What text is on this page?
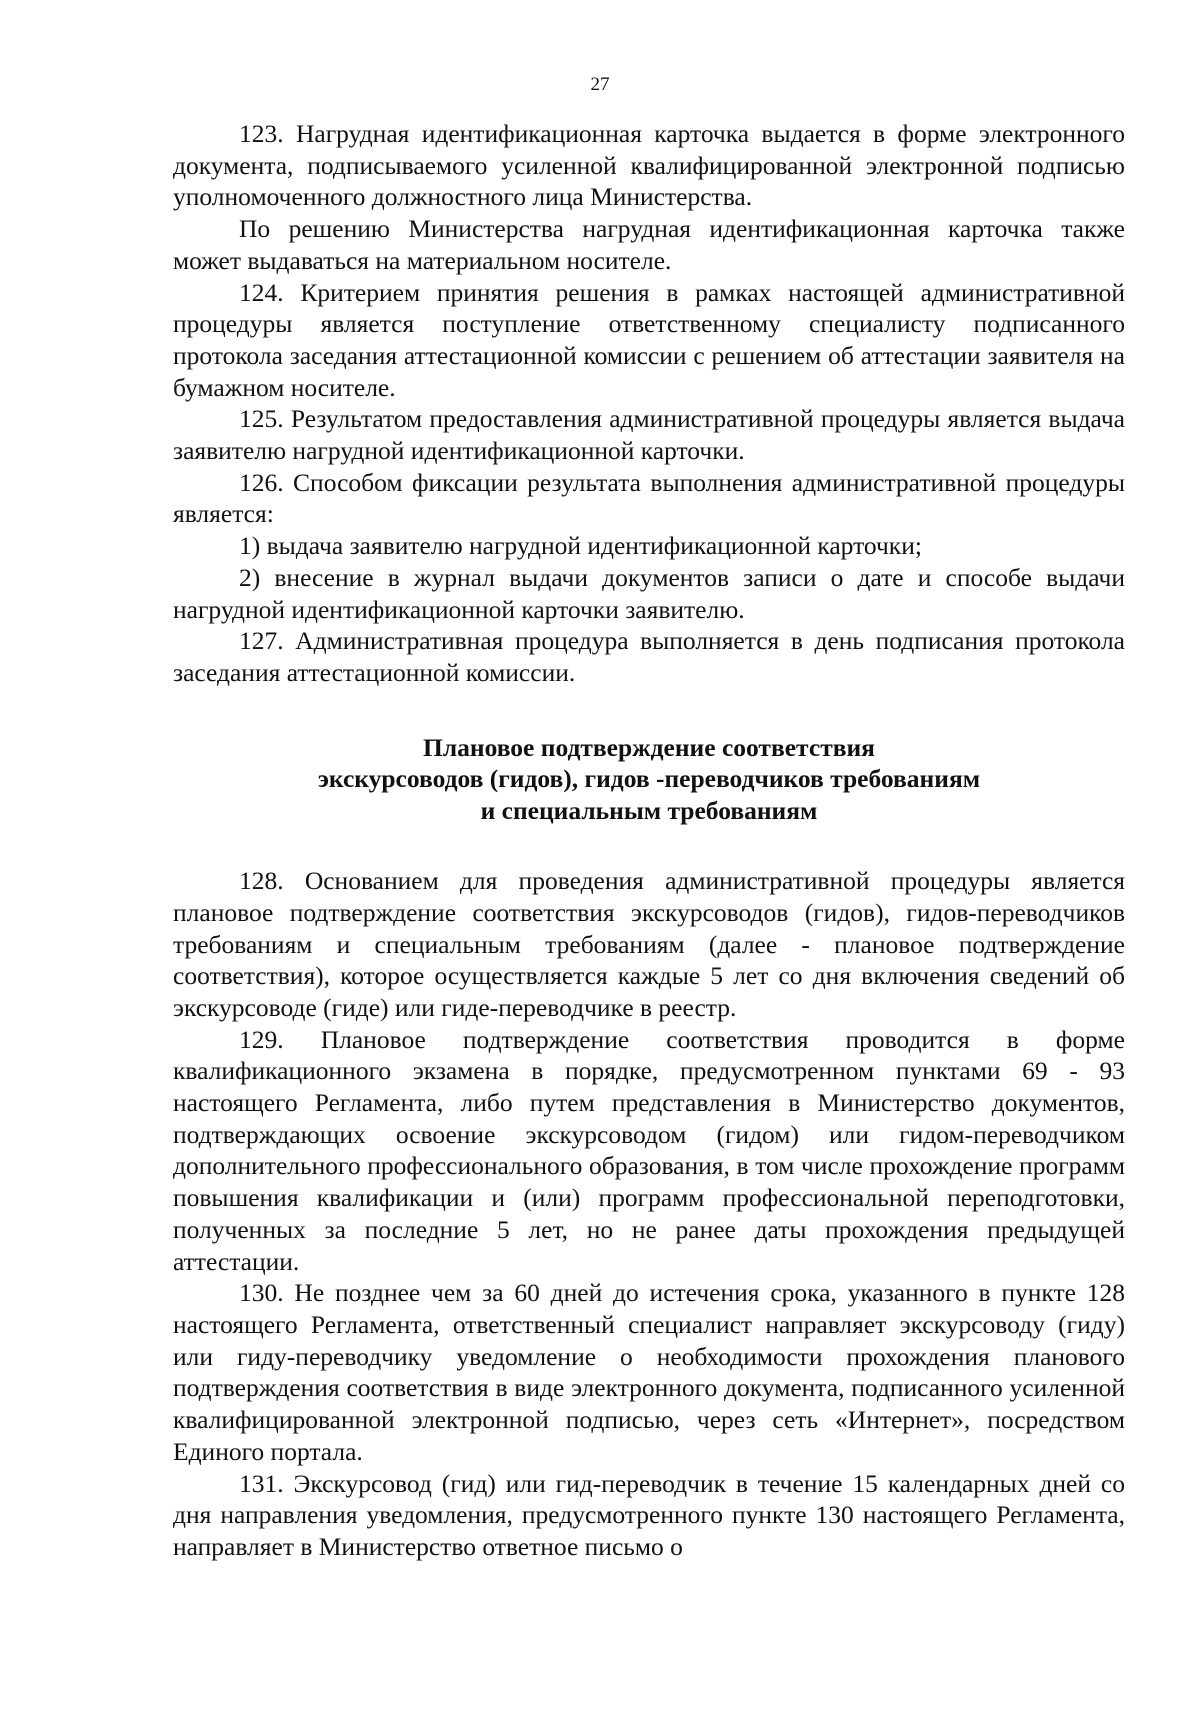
27

123. Нагрудная идентификационная карточка выдается в форме электронного документа, подписываемого усиленной квалифицированной электронной подписью уполномоченного должностного лица Министерства.

По решению Министерства нагрудная идентификационная карточка также может выдаваться на материальном носителе.

124. Критерием принятия решения в рамках настоящей административной процедуры является поступление ответственному специалисту подписанного протокола заседания аттестационной комиссии с решением об аттестации заявителя на бумажном носителе.

125. Результатом предоставления административной процедуры является выдача заявителю нагрудной идентификационной карточки.

126. Способом фиксации результата выполнения административной процедуры является:

1) выдача заявителю нагрудной идентификационной карточки;

2) внесение в журнал выдачи документов записи о дате и способе выдачи нагрудной идентификационной карточки заявителю.

127. Административная процедура выполняется в день подписания протокола заседания аттестационной комиссии.

Плановое подтверждение соответствия
экскурсоводов (гидов), гидов -переводчиков требованиям
и специальным требованиям

128. Основанием для проведения административной процедуры является плановое подтверждение соответствия экскурсоводов (гидов), гидов-переводчиков требованиям и специальным требованиям (далее - плановое подтверждение соответствия), которое осуществляется каждые 5 лет со дня включения сведений об экскурсоводе (гиде) или гиде-переводчике в реестр.

129. Плановое подтверждение соответствия проводится в форме квалификационного экзамена в порядке, предусмотренном пунктами 69 - 93 настоящего Регламента, либо путем представления в Министерство документов, подтверждающих освоение экскурсоводом (гидом) или гидом-переводчиком дополнительного профессионального образования, в том числе прохождение программ повышения квалификации и (или) программ профессиональной переподготовки, полученных за последние 5 лет, но не ранее даты прохождения предыдущей аттестации.

130. Не позднее чем за 60 дней до истечения срока, указанного в пункте 128 настоящего Регламента, ответственный специалист направляет экскурсоводу (гиду) или гиду-переводчику уведомление о необходимости прохождения планового подтверждения соответствия в виде электронного документа, подписанного усиленной квалифицированной электронной подписью, через сеть «Интернет», посредством Единого портала.

131. Экскурсовод (гид) или гид-переводчик в течение 15 календарных дней со дня направления уведомления, предусмотренного пункте 130 настоящего Регламента, направляет в Министерство ответное письмо о
